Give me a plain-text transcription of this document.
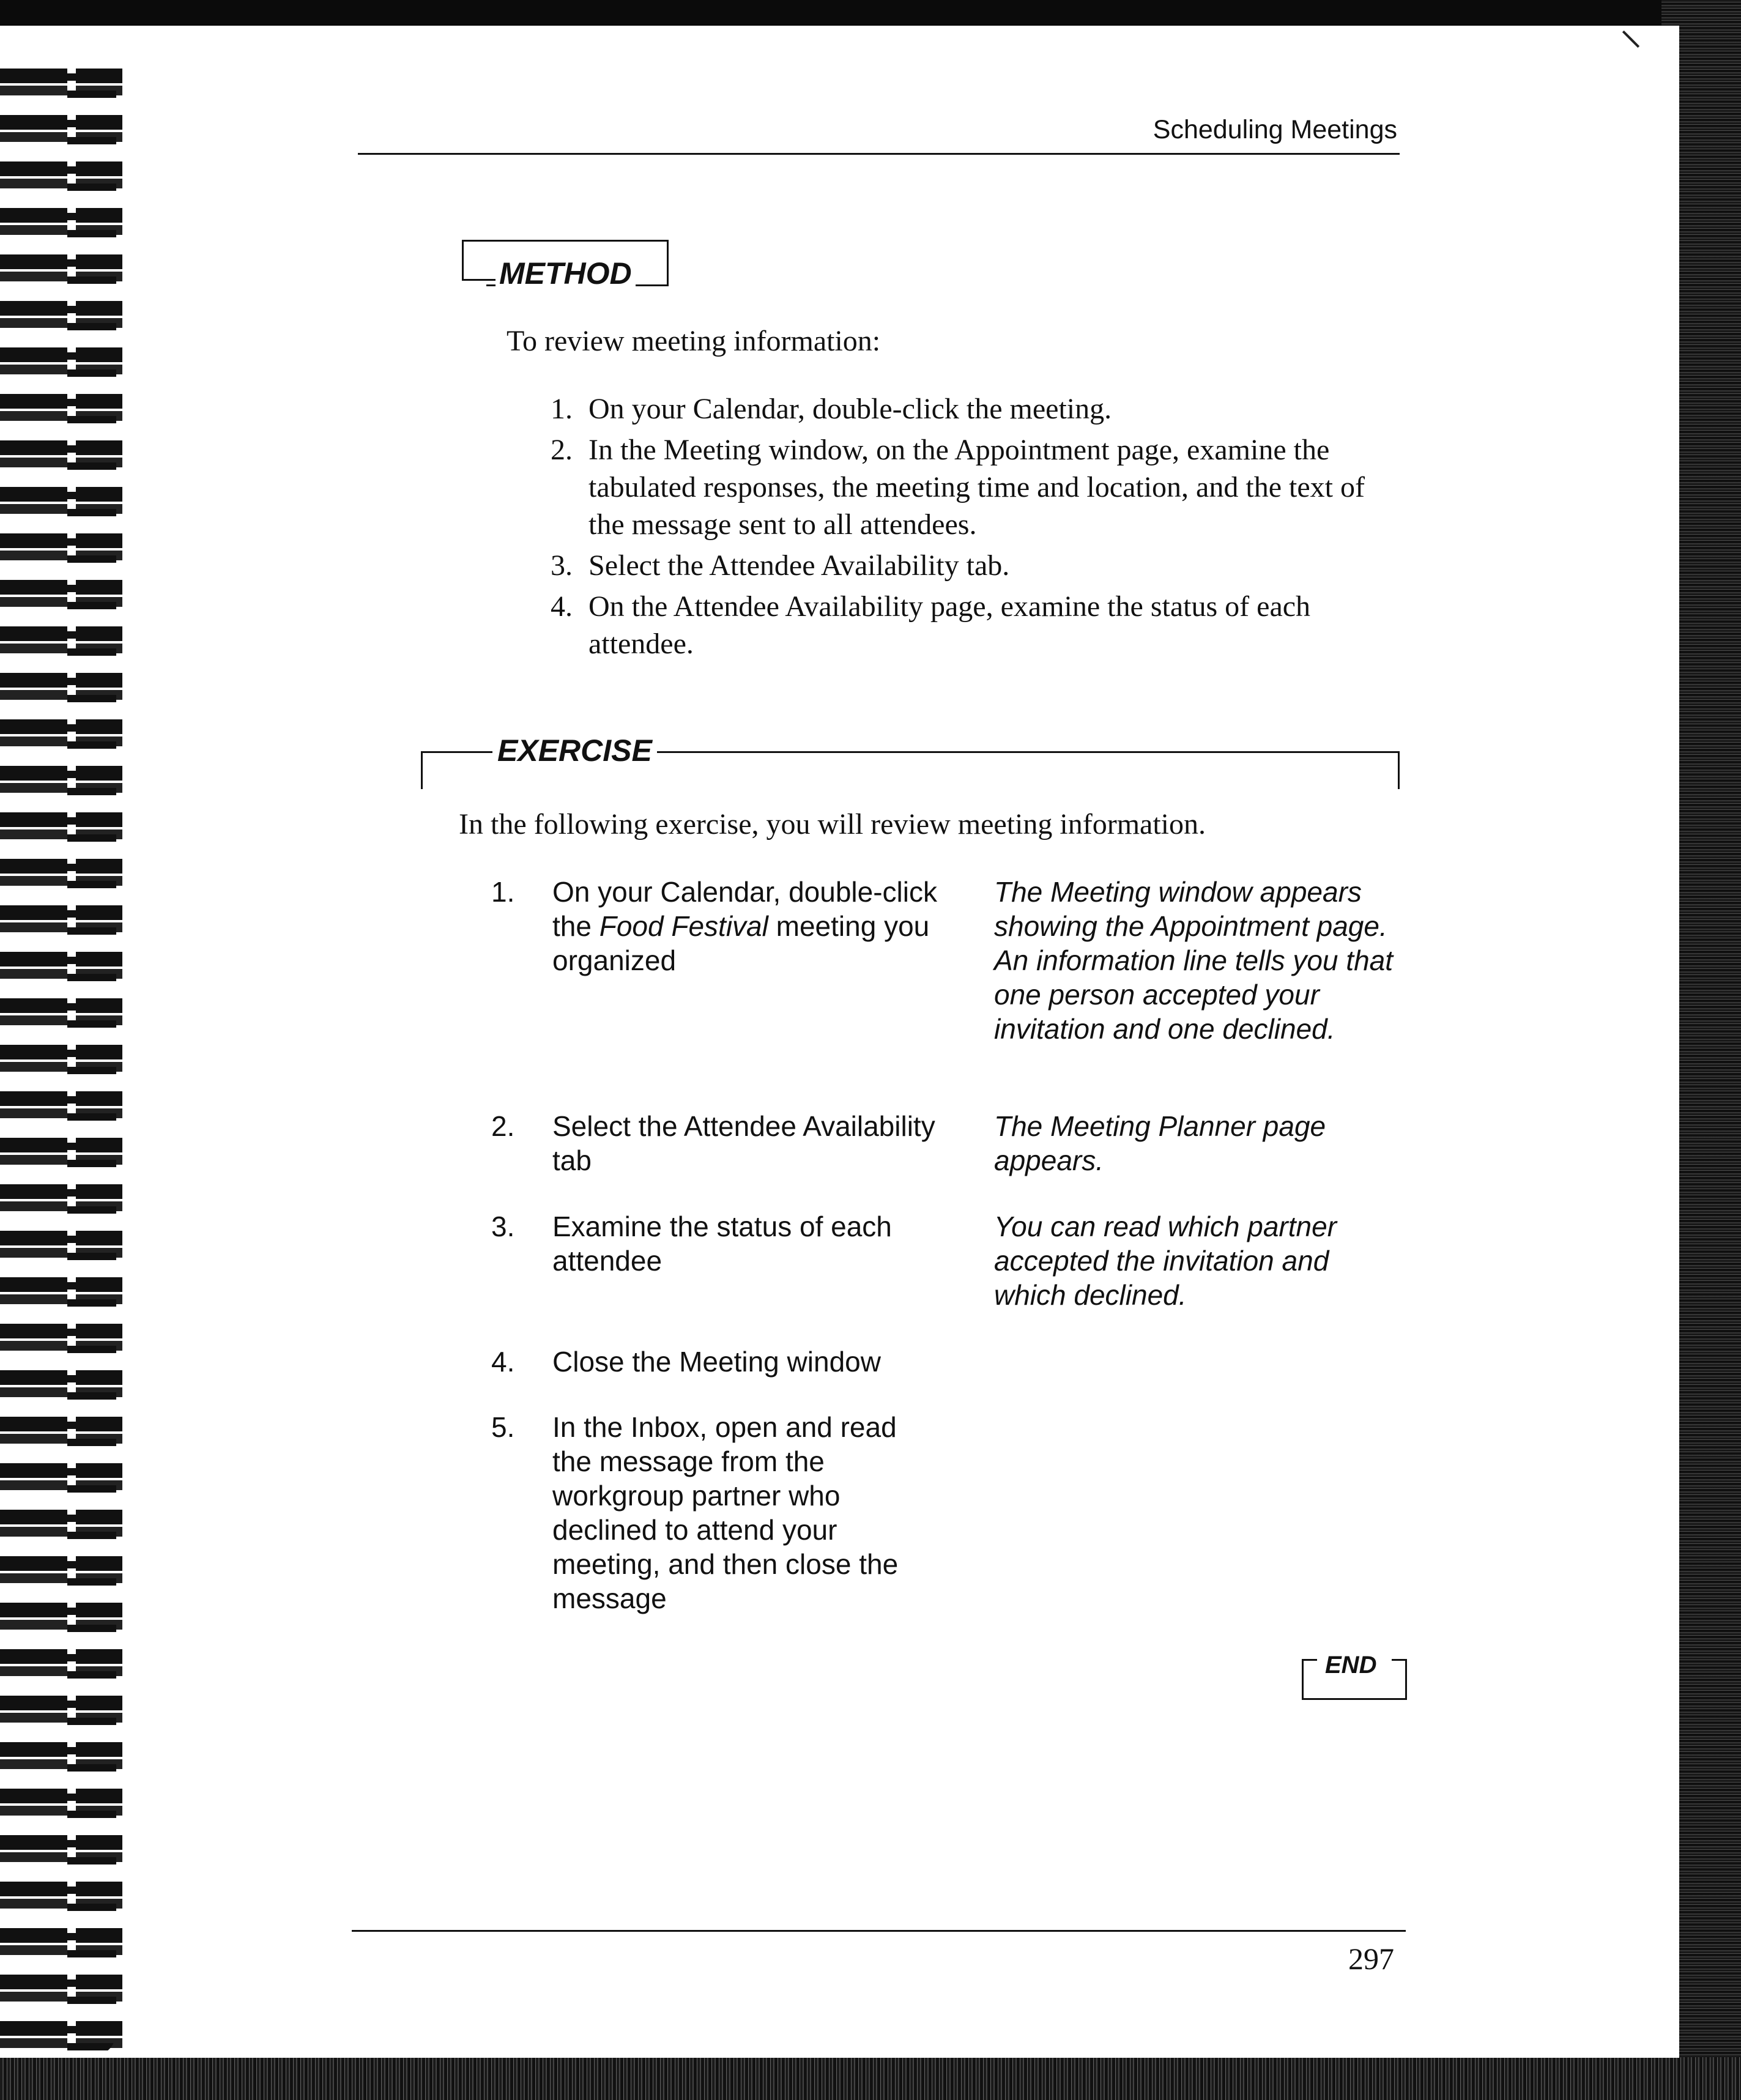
Scheduling Meetings
METHOD
To review meeting information:
1. On your Calendar, double-click the meeting.
2. In the Meeting window, on the Appointment page, examine the tabulated responses, the meeting time and location, and the text of the message sent to all attendees.
3. Select the Attendee Availability tab.
4. On the Attendee Availability page, examine the status of each attendee.
EXERCISE
In the following exercise, you will review meeting information.
1. On your Calendar, double-click the Food Festival meeting you organized
The Meeting window appears showing the Appointment page. An information line tells you that one person accepted your invitation and one declined.
2. Select the Attendee Availability tab
The Meeting Planner page appears.
3. Examine the status of each attendee
You can read which partner accepted the invitation and which declined.
4. Close the Meeting window
5. In the Inbox, open and read the message from the workgroup partner who declined to attend your meeting, and then close the message
END
297
